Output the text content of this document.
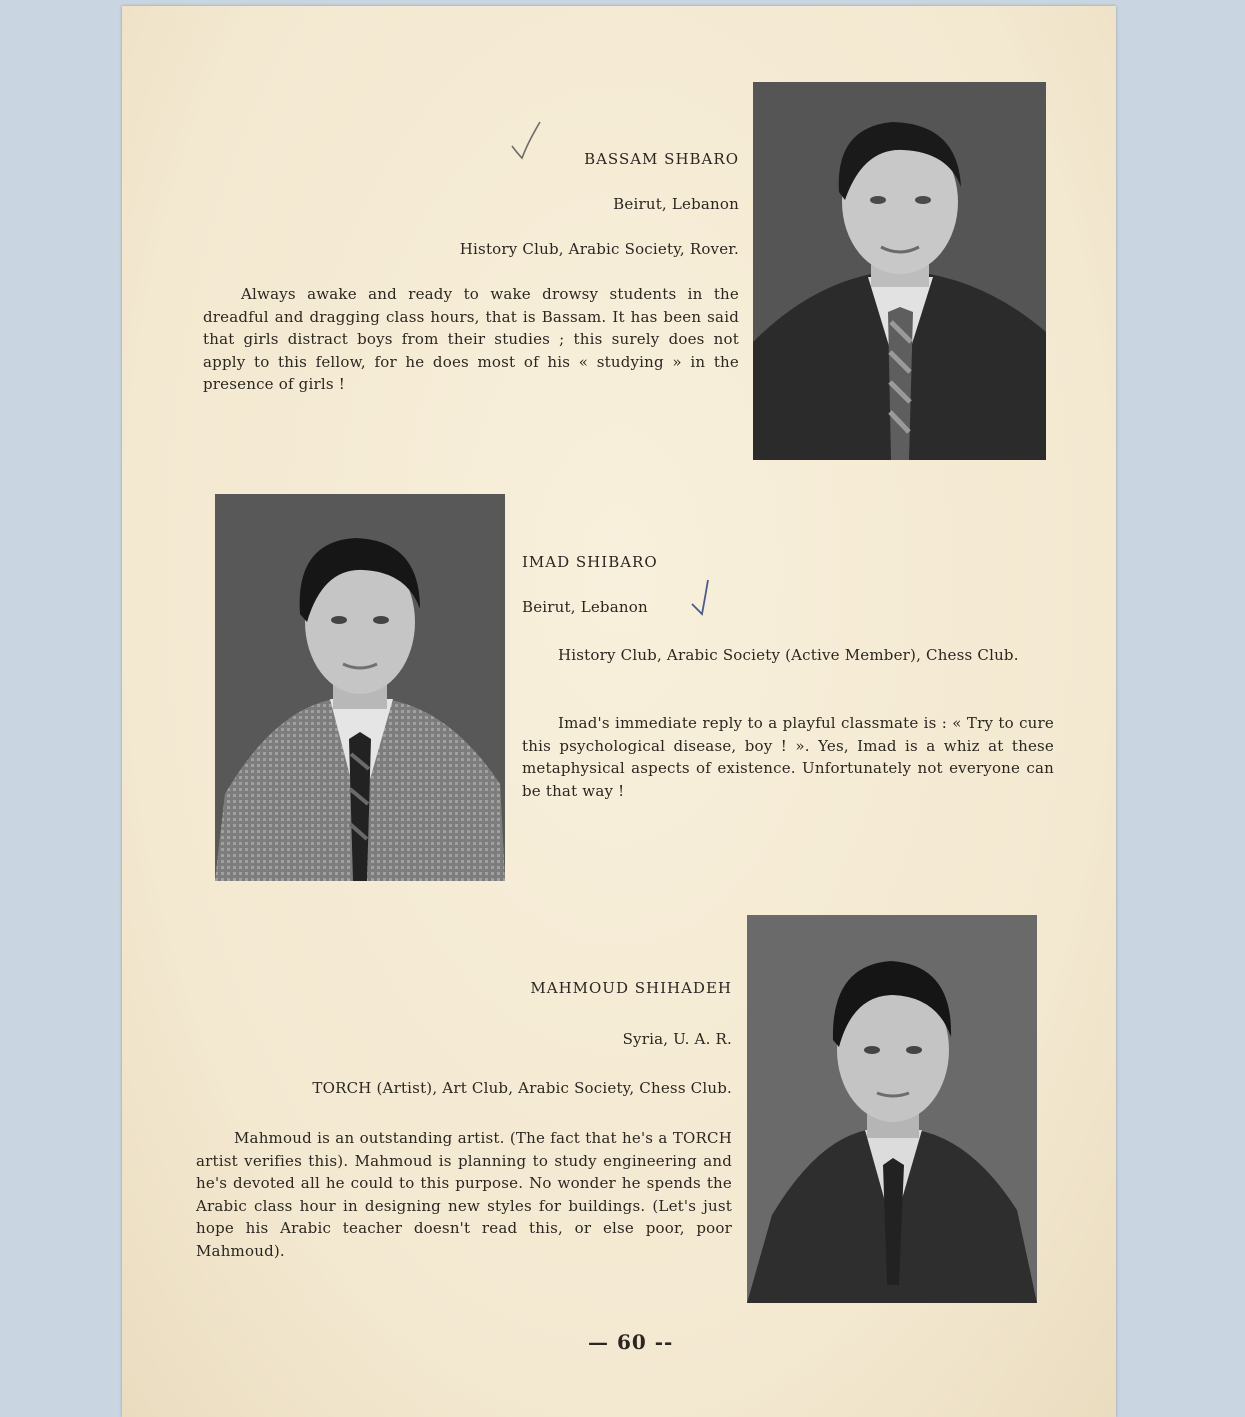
BASSAM SHBARO
Beirut, Lebanon
History Club, Arabic Society, Rover.
Always awake and ready to wake drowsy students in the dreadful and dragging class hours, that is Bassam. It has been said that girls distract boys from their studies ; this surely does not apply to this fellow, for he does most of his « studying » in the presence of girls !
IMAD SHIBARO
Beirut, Lebanon
History Club, Arabic Society (Active Member), Chess Club.
Imad's immediate reply to a playful classmate is : « Try to cure this psychological disease, boy ! ». Yes, Imad is a whiz at these metaphysical aspects of existence. Unfortunately not everyone can be that way !
MAHMOUD SHIHADEH
Syria, U. A. R.
TORCH (Artist), Art Club, Arabic Society, Chess Club.
Mahmoud is an outstanding artist. (The fact that he's a TORCH artist verifies this). Mahmoud is planning to study engineering and he's devoted all he could to this purpose. No wonder he spends the Arabic class hour in designing new styles for buildings. (Let's just hope his Arabic teacher doesn't read this, or else poor, poor Mahmoud).
— 60 --
